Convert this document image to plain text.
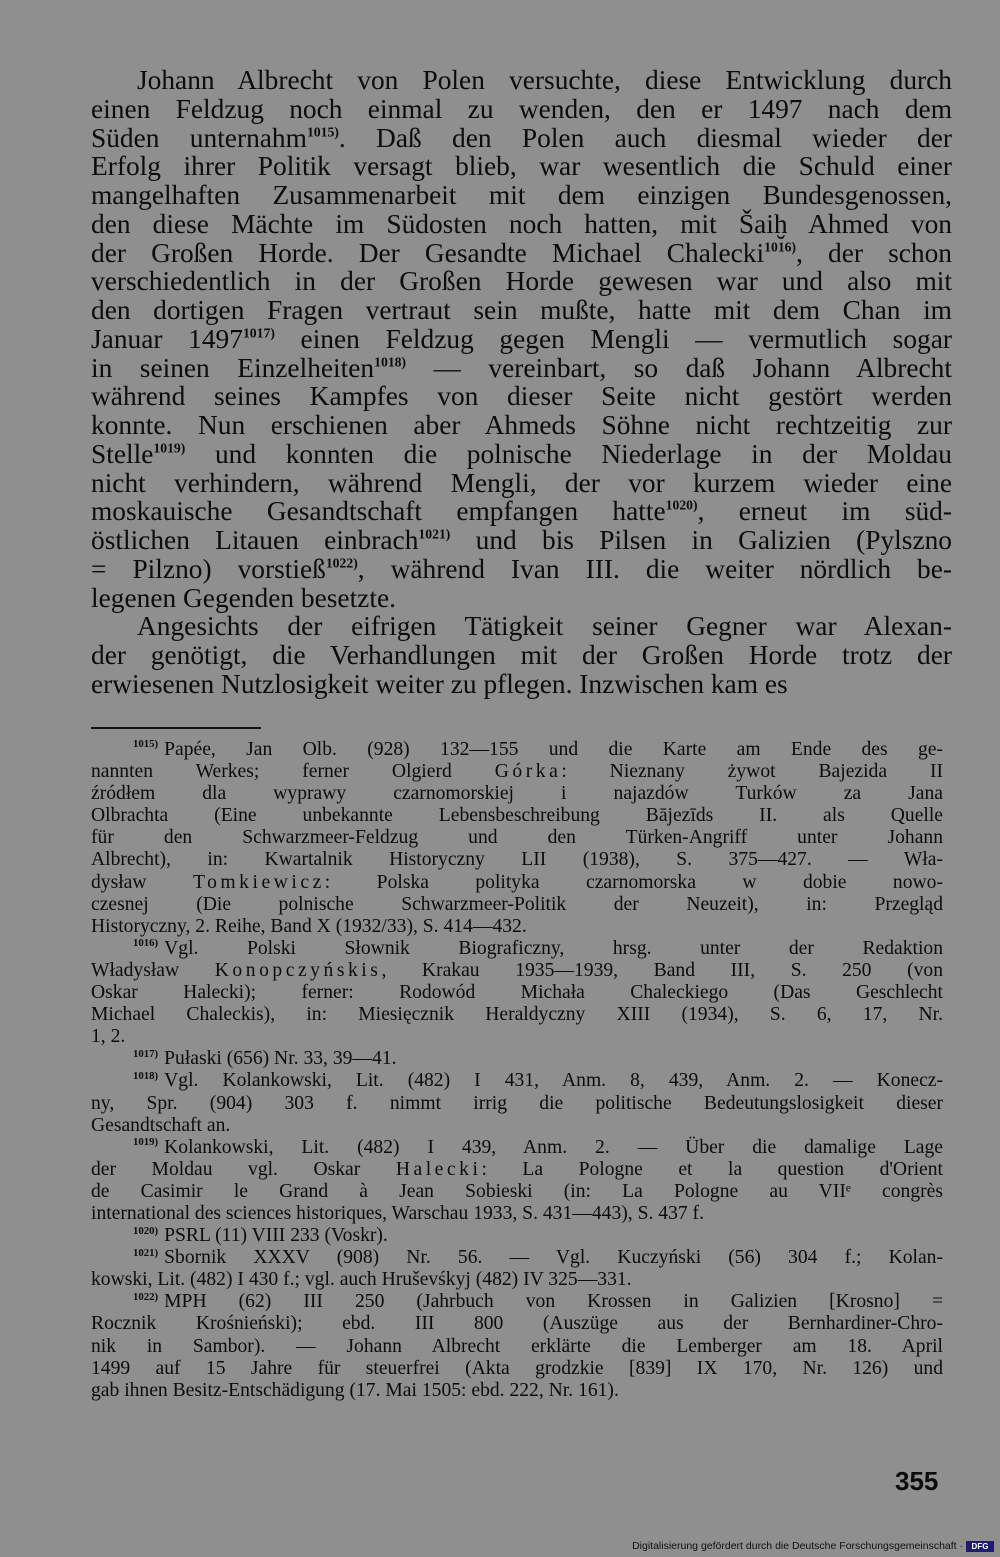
Johann Albrecht von Polen versuchte, diese Entwicklung durch
einen Feldzug noch einmal zu wenden, den er 1497 nach dem
Süden unternahm$^{1015)}$. Daß den Polen auch diesmal wieder der
Erfolg ihrer Politik versagt blieb, war wesentlich die Schuld einer
mangelhaften Zusammenarbeit mit dem einzigen Bundesgenossen,
den diese Mächte im Südosten noch hatten, mit Šaiḫ Ahmed von
der Großen Horde. Der Gesandte Michael Chalecki$^{1016)}$, der schon
verschiedentlich in der Großen Horde gewesen war und also mit
den dortigen Fragen vertraut sein mußte, hatte mit dem Chan im
Januar 1497$^{1017)}$ einen Feldzug gegen Mengli — vermutlich sogar
in seinen Einzelheiten$^{1018)}$ — vereinbart, so daß Johann Albrecht
während seines Kampfes von dieser Seite nicht gestört werden
konnte. Nun erschienen aber Ahmeds Söhne nicht rechtzeitig zur
Stelle$^{1019)}$ und konnten die polnische Niederlage in der Moldau
nicht verhindern, während Mengli, der vor kurzem wieder eine
moskauische Gesandtschaft empfangen hatte$^{1020)}$, erneut im süd-
östlichen Litauen einbrach$^{1021)}$ und bis Pilsen in Galizien (Pylszno
= Pilzno) vorstieß$^{1022)}$, während Ivan III. die weiter nördlich be-
legenen Gegenden besetzte.

Angesichts der eifrigen Tätigkeit seiner Gegner war Alexan-
der genötigt, die Verhandlungen mit der Großen Horde trotz der
erwiesenen Nutzlosigkeit weiter zu pflegen. Inzwischen kam es

$^{1015)}$ Papée, Jan Olb. (928) 132—155 und die Karte am Ende des ge-
nannten Werkes; ferner Olgierd Górka: Nieznany żywot Bajezida II
źródłem dla wyprawy czarnomorskiej i najazdów Turków za Jana
Olbrachta (Eine unbekannte Lebensbeschreibung Bājezīds II. als Quelle
für den Schwarzmeer-Feldzug und den Türken-Angriff unter Johann
Albrecht), in: Kwartalnik Historyczny LII (1938), S. 375—427. — Wła-
dysław Tomkiewicz: Polska polityka czarnomorska w dobie nowo-
czesnej (Die polnische Schwarzmeer-Politik der Neuzeit), in: Przegląd
Historyczny, 2. Reihe, Band X (1932/33), S. 414—432.
$^{1016)}$ Vgl. Polski Słownik Biograficzny, hrsg. unter der Redaktion
Władysław Konopczyńskis, Krakau 1935—1939, Band III, S. 250 (von
Oskar Halecki); ferner: Rodowód Michała Chaleckiego (Das Geschlecht
Michael Chaleckis), in: Miesięcznik Heraldyczny XIII (1934), S. 6, 17, Nr.
1, 2.
$^{1017)}$ Pułaski (656) Nr. 33, 39—41.
$^{1018)}$ Vgl. Kolankowski, Lit. (482) I 431, Anm. 8, 439, Anm. 2. — Konecz-
ny, Spr. (904) 303 f. nimmt irrig die politische Bedeutungslosigkeit dieser
Gesandtschaft an.
$^{1019)}$ Kolankowski, Lit. (482) I 439, Anm. 2. — Über die damalige Lage
der Moldau vgl. Oskar Halecki: La Pologne et la question d'Orient
de Casimir le Grand à Jean Sobieski (in: La Pologne au VIIᵉ congrès
international des sciences historiques, Warschau 1933, S. 431—443), S. 437 f.
$^{1020)}$ PSRL (11) VIII 233 (Voskr).
$^{1021)}$ Sbornik XXXV (908) Nr. 56. — Vgl. Kuczyński (56) 304 f.; Kolan-
kowski, Lit. (482) I 430 f.; vgl. auch Hruševśkyj (482) IV 325—331.
$^{1022)}$ MPH (62) III 250 (Jahrbuch von Krossen in Galizien [Krosno] =
Rocznik Krośnieński); ebd. III 800 (Auszüge aus der Bernhardiner-Chro-
nik in Sambor). — Johann Albrecht erklärte die Lemberger am 18. April
1499 auf 15 Jahre für steuerfrei (Akta grodzkie [839] IX 170, Nr. 126) und
gab ihnen Besitz-Entschädigung (17. Mai 1505: ebd. 222, Nr. 161).
355
Digitalisierung gefördert durch die Deutsche Forschungsgemeinschaft ·	DFG
